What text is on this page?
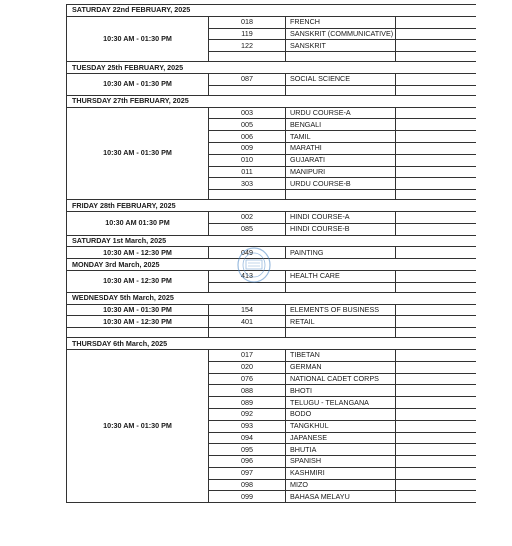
SATURDAY 22nd FEBRUARY, 2025			
10:30 AM - 01:30 PM	018	FRENCH	
	119	SANSKRIT (COMMUNICATIVE)	
	122	SANSKRIT	

TUESDAY 25th FEBRUARY, 2025			
10:30 AM - 01:30 PM	087	SOCIAL SCIENCE	

THURSDAY 27th FEBRUARY, 2025			
10:30 AM - 01:30 PM	003	URDU COURSE-A	
	005	BENGALI	
	006	TAMIL	
	009	MARATHI	
	010	GUJARATI	
	011	MANIPURI	
	303	URDU COURSE-B	

FRIDAY 28th FEBRUARY, 2025			
10:30 AM 01:30 PM	002	HINDI COURSE-A	
	085	HINDI COURSE-B	
SATURDAY 1st March, 2025			
10:30 AM - 12:30 PM	049	PAINTING	
MONDAY 3rd March, 2025			
10:30 AM - 12:30 PM	413	HEALTH CARE	

WEDNESDAY 5th March, 2025			
10:30 AM - 01:30 PM	154	ELEMENTS OF BUSINESS	
10:30 AM - 12:30 PM	401	RETAIL	

THURSDAY 6th March, 2025			
10:30 AM - 01:30 PM	017	TIBETAN	
	020	GERMAN	
	076	NATIONAL CADET CORPS	
	088	BHOTI	
	089	TELUGU - TELANGANA	
	092	BODO	
	093	TANGKHUL	
	094	JAPANESE	
	095	BHUTIA	
	096	SPANISH	
	097	KASHMIRI	
	098	MIZO	
	099	BAHASA MELAYU	
